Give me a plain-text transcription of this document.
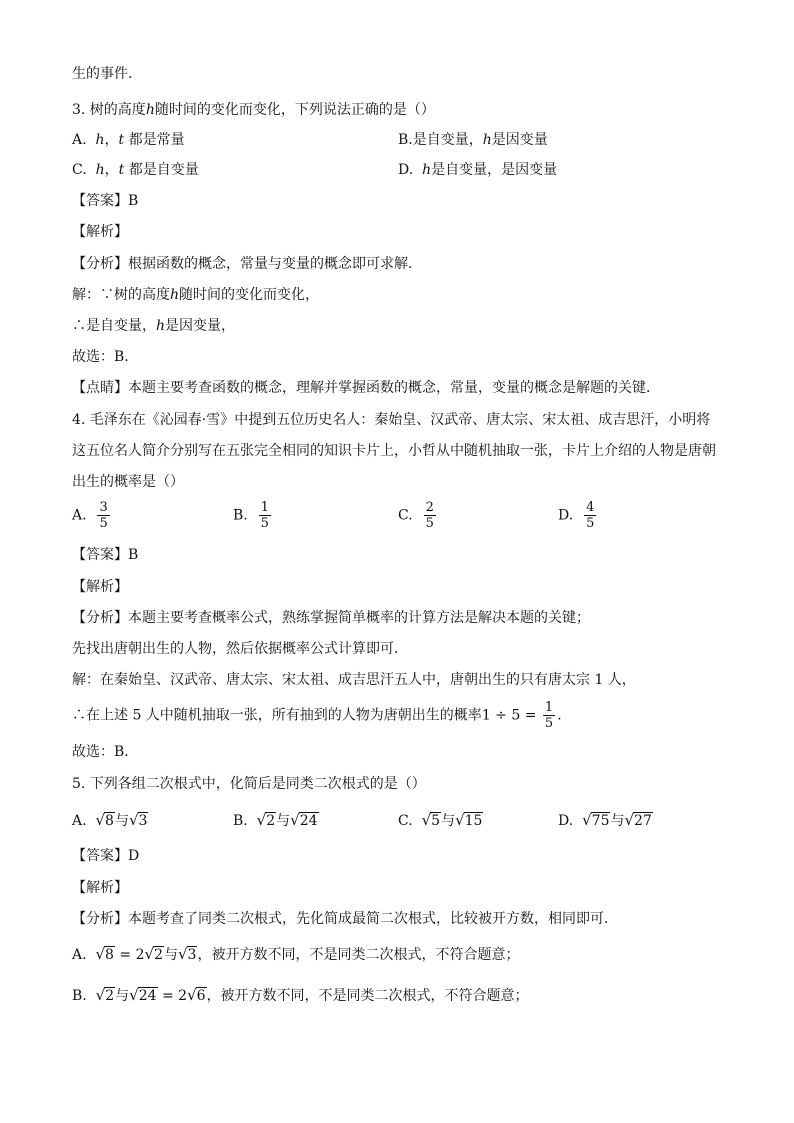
生的事件.
3. 树的高度h随时间的变化而变化，下列说法正确的是（）
A. h，t 都是常量	B.是自变量，h是因变量
C. h，t 都是自变量	D. h是自变量，是因变量
【答案】B
【解析】
【分析】根据函数的概念，常量与变量的概念即可求解．
解：∵树的高度h随时间的变化而变化，
∴是自变量，h是因变量，
故选：B．
【点睛】本题主要考查函数的概念，理解并掌握函数的概念，常量，变量的概念是解题的关键．
4. 毛泽东在《沁园春·雪》中提到五位历史名人：秦始皇、汉武帝、唐太宗、宋太祖、成吉思汗，小明将
这五位名人简介分别写在五张完全相同的知识卡片上，小哲从中随机抽取一张，卡片上介绍的人物是唐朝
出生的概率是（）
A. $\frac{3}{5}$	B. $\frac{1}{5}$	C. $\frac{2}{5}$	D. $\frac{4}{5}$
【答案】B
【解析】
【分析】本题主要考查概率公式，熟练掌握简单概率的计算方法是解决本题的关键；
先找出唐朝出生的人物，然后依据概率公式计算即可．
解：在秦始皇、汉武帝、唐太宗、宋太祖、成吉思汗五人中，唐朝出生的只有唐太宗 1 人，
∴在上述 5 人中随机抽取一张，所有抽到的人物为唐朝出生的概率$1 \div 5 = \frac{1}{5}$ ．
故选：B．
5. 下列各组二次根式中，化简后是同类二次根式的是（）
A. √8与√3	B. √2与√24	C. √5与√15	D. √75与√27
【答案】D
【解析】
【分析】本题考查了同类二次根式，先化简成最简二次根式，比较被开方数，相同即可．
A. √8 = 2√2与√3，被开方数不同，不是同类二次根式，不符合题意；
B. √2与√24 = 2√6，被开方数不同，不是同类二次根式，不符合题意；
